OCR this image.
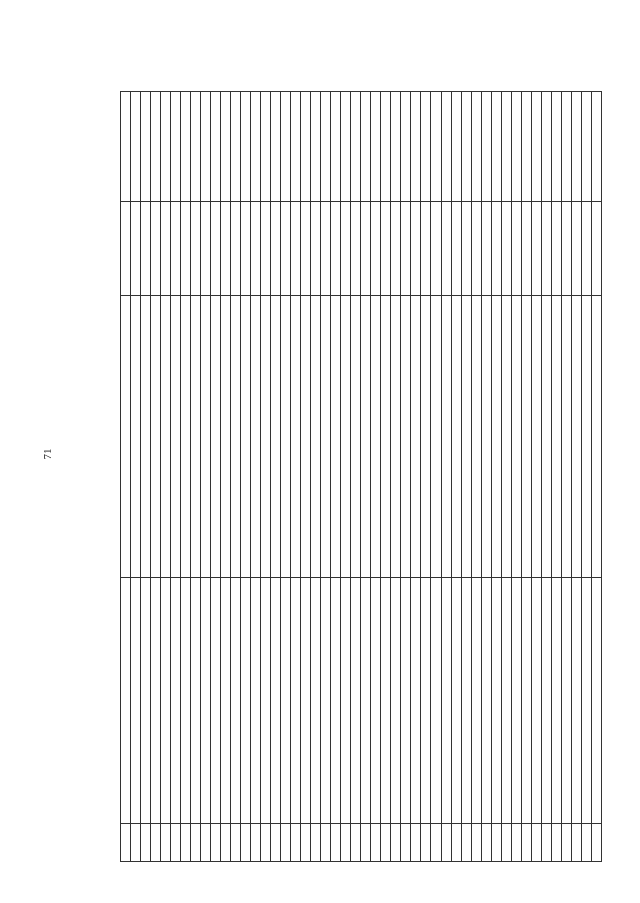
71
